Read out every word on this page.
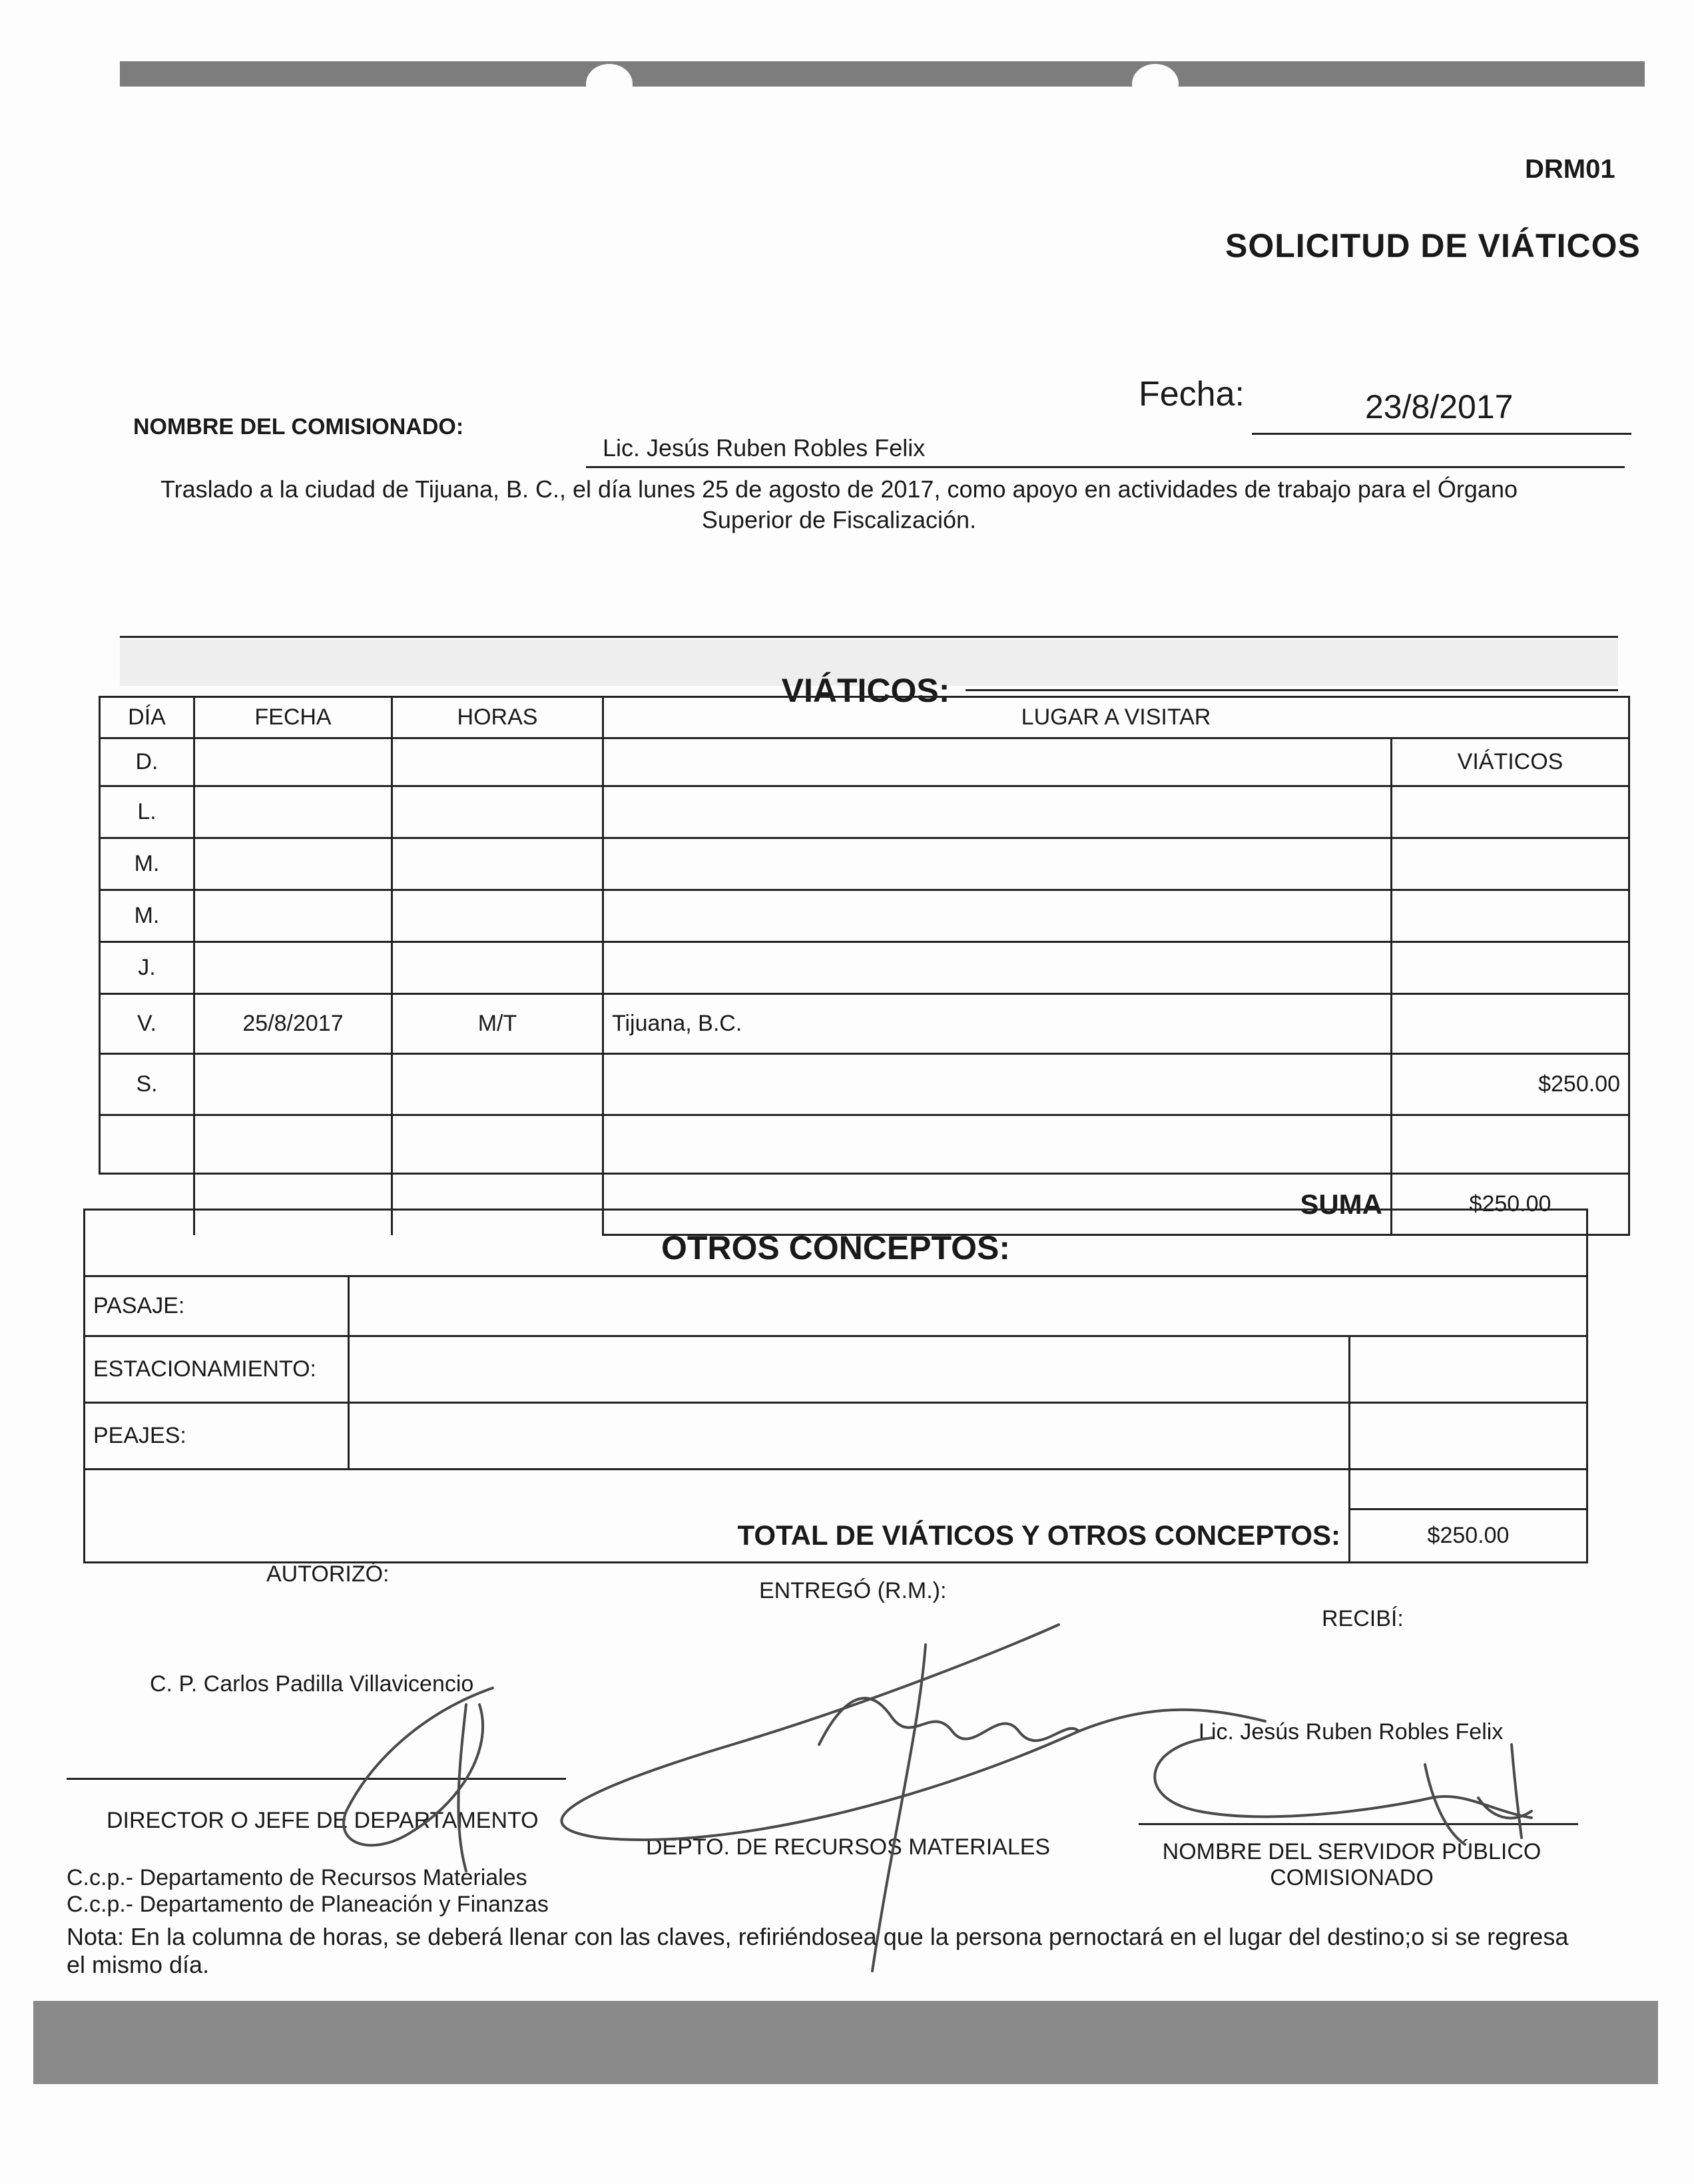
DRM01
SOLICITUD DE VIÁTICOS
Fecha:	23/8/2017
NOMBRE DEL COMISIONADO:
Lic. Jesús Ruben Robles Felix
Traslado a la ciudad de Tijuana, B. C., el día lunes 25 de agosto de 2017, como apoyo en actividades de trabajo para el Órgano
Superior de Fiscalización.
VIÁTICOS:
DÍA	FECHA	HORAS	LUGAR A VISITAR	
D.				VIÁTICOS
L.				
M.				
M.				
J.				
V.	25/8/2017	M/T	Tijuana, B.C.	
S.				$250.00

			SUMA	$250.00
OTROS CONCEPTOS:		
PASAJE:		
ESTACIONAMIENTO:		
PEAJES:		

TOTAL DE VIÁTICOS Y OTROS CONCEPTOS:		$250.00
AUTORIZÓ:
ENTREGÓ (R.M.):
RECIBÍ:
C. P. Carlos Padilla Villavicencio
Lic. Jesús Ruben Robles Felix
DIRECTOR O JEFE DE DEPARTAMENTO
DEPTO. DE RECURSOS MATERIALES	NOMBRE DEL SERVIDOR PÚBLICO
COMISIONADO
C.c.p.- Departamento de Recursos Materiales
C.c.p.- Departamento de Planeación y Finanzas
Nota: En la columna de horas, se deberá llenar con las claves, refiriéndosea que la persona pernoctará en el lugar del destino;o si se regresa el mismo día.
